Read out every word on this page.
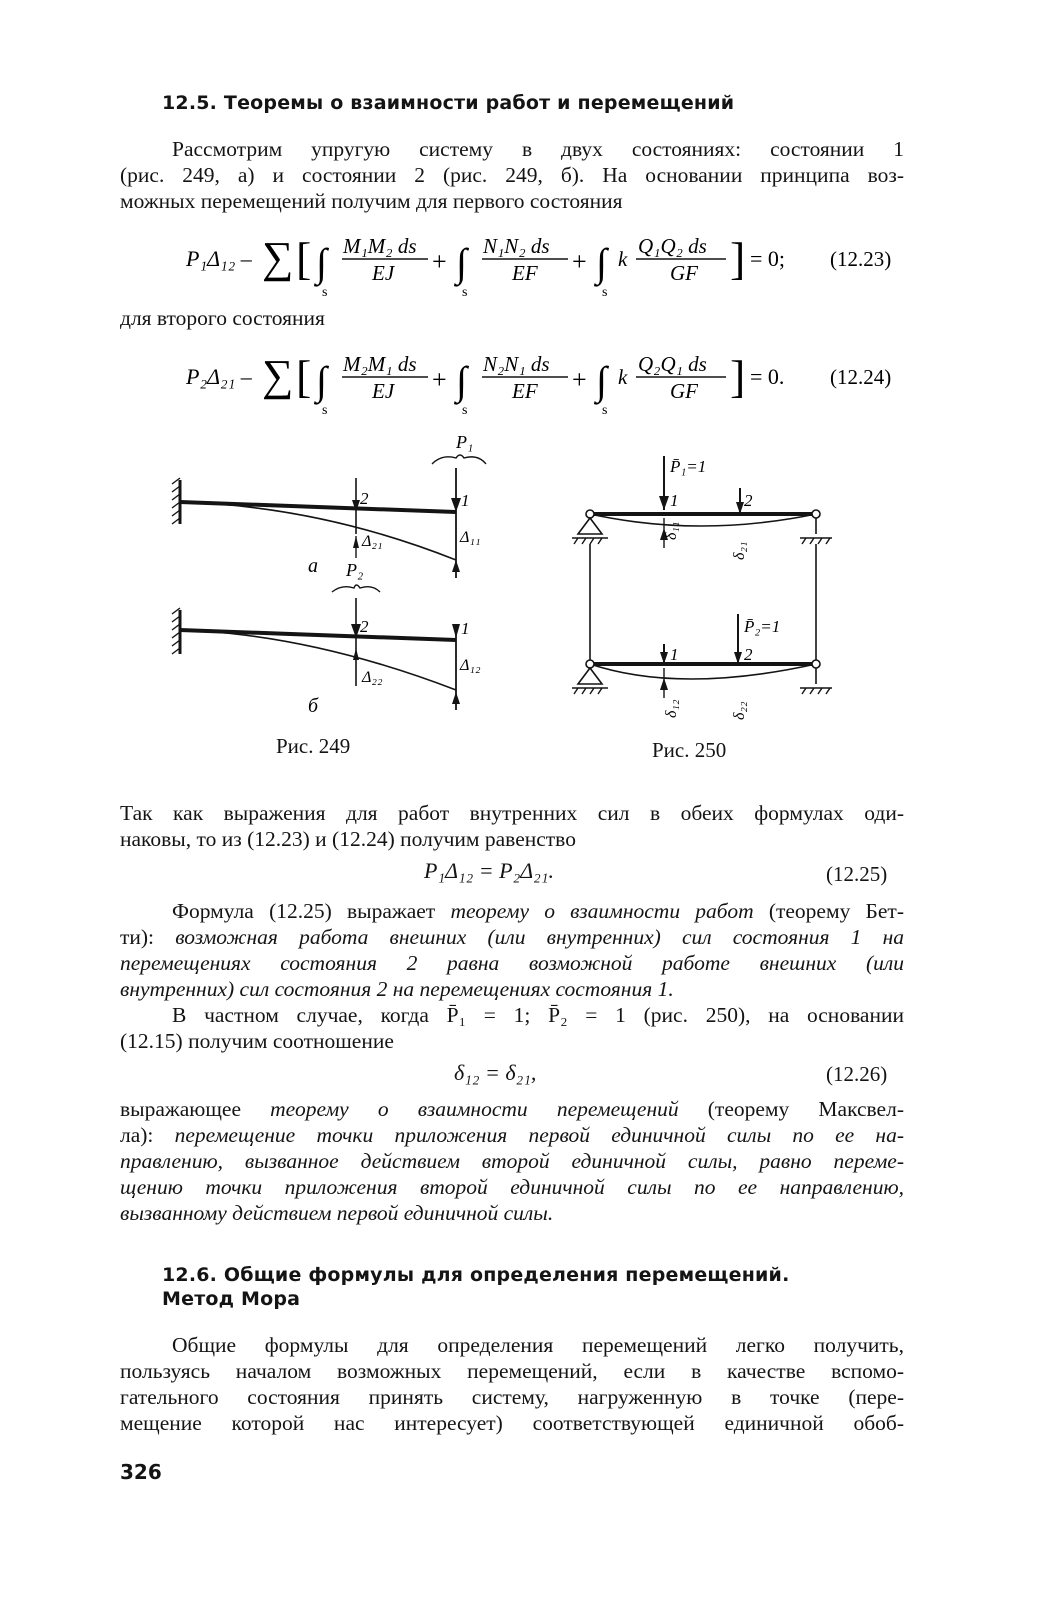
12.5. Теоремы о взаимности работ и перемещений
Рассмотрим упругую систему в двух состояниях: состоянии 1
(рис. 249, а) и состоянии 2 (рис. 249, б). На основании принципа воз-
можных перемещений получим для первого состояния
P₁Δ₁₂ – ∑ [ ∫ M₁M₂ ds
EJ
s
+ ∫ N₁N₂ ds
EF
s
+ ∫ k
Q₁Q₂ ds
GF
s
] = 0; (12.23)
для второго состояния
P₂Δ₂₁ – ∑ [ ∫ M₂M₁ ds
EJ
s
+ ∫ N₂N₁ ds
EF
s
+ ∫ k
Q₂Q₁ ds
GF
s
] = 0. (12.24)
P₁
2
Δ₂₁
1
Δ₁₁
а P₂
2
Δ₂₂
1
Δ₁₂
б
Рис. 249
P̄₁=1
1	2
δ₁₁
δ₂₁
P̄₂=1
2
1
δ₁₂	δ₂₂
Рис. 250
Так как выражения для работ внутренних сил в обеих формулах оди-
наковы, то из (12.23) и (12.24) получим равенство
P₁Δ₁₂ = P₂Δ₂₁.	(12.25)
Формула (12.25) выражает теорему о взаимности работ (теорему Бет-
ти): возможная работа внешних (или внутренних) сил состояния 1 на
перемещениях состояния 2 равна возможной работе внешних (или
внутренних) сил состояния 2 на перемещениях состояния 1.
В частном случае, когда P̄₁ = 1; P̄₂ = 1 (рис. 250), на основании
(12.15) получим соотношение
δ₁₂ = δ₂₁,	(12.26)
выражающее теорему о взаимности перемещений (теорему Максвел-
ла): перемещение точки приложения первой единичной силы по ее на-
правлению, вызванное действием второй единичной силы, равно переме-
щению точки приложения второй единичной силы по ее направлению,
вызванному действием первой единичной силы.
12.6. Общие формулы для определения перемещений.
Метод Мора
Общие формулы для определения перемещений легко получить,
пользуясь началом возможных перемещений, если в качестве вспомо-
гательного состояния принять систему, нагруженную в точке (пере-
мещение которой нас интересует) соответствующей единичной обоб-
326
